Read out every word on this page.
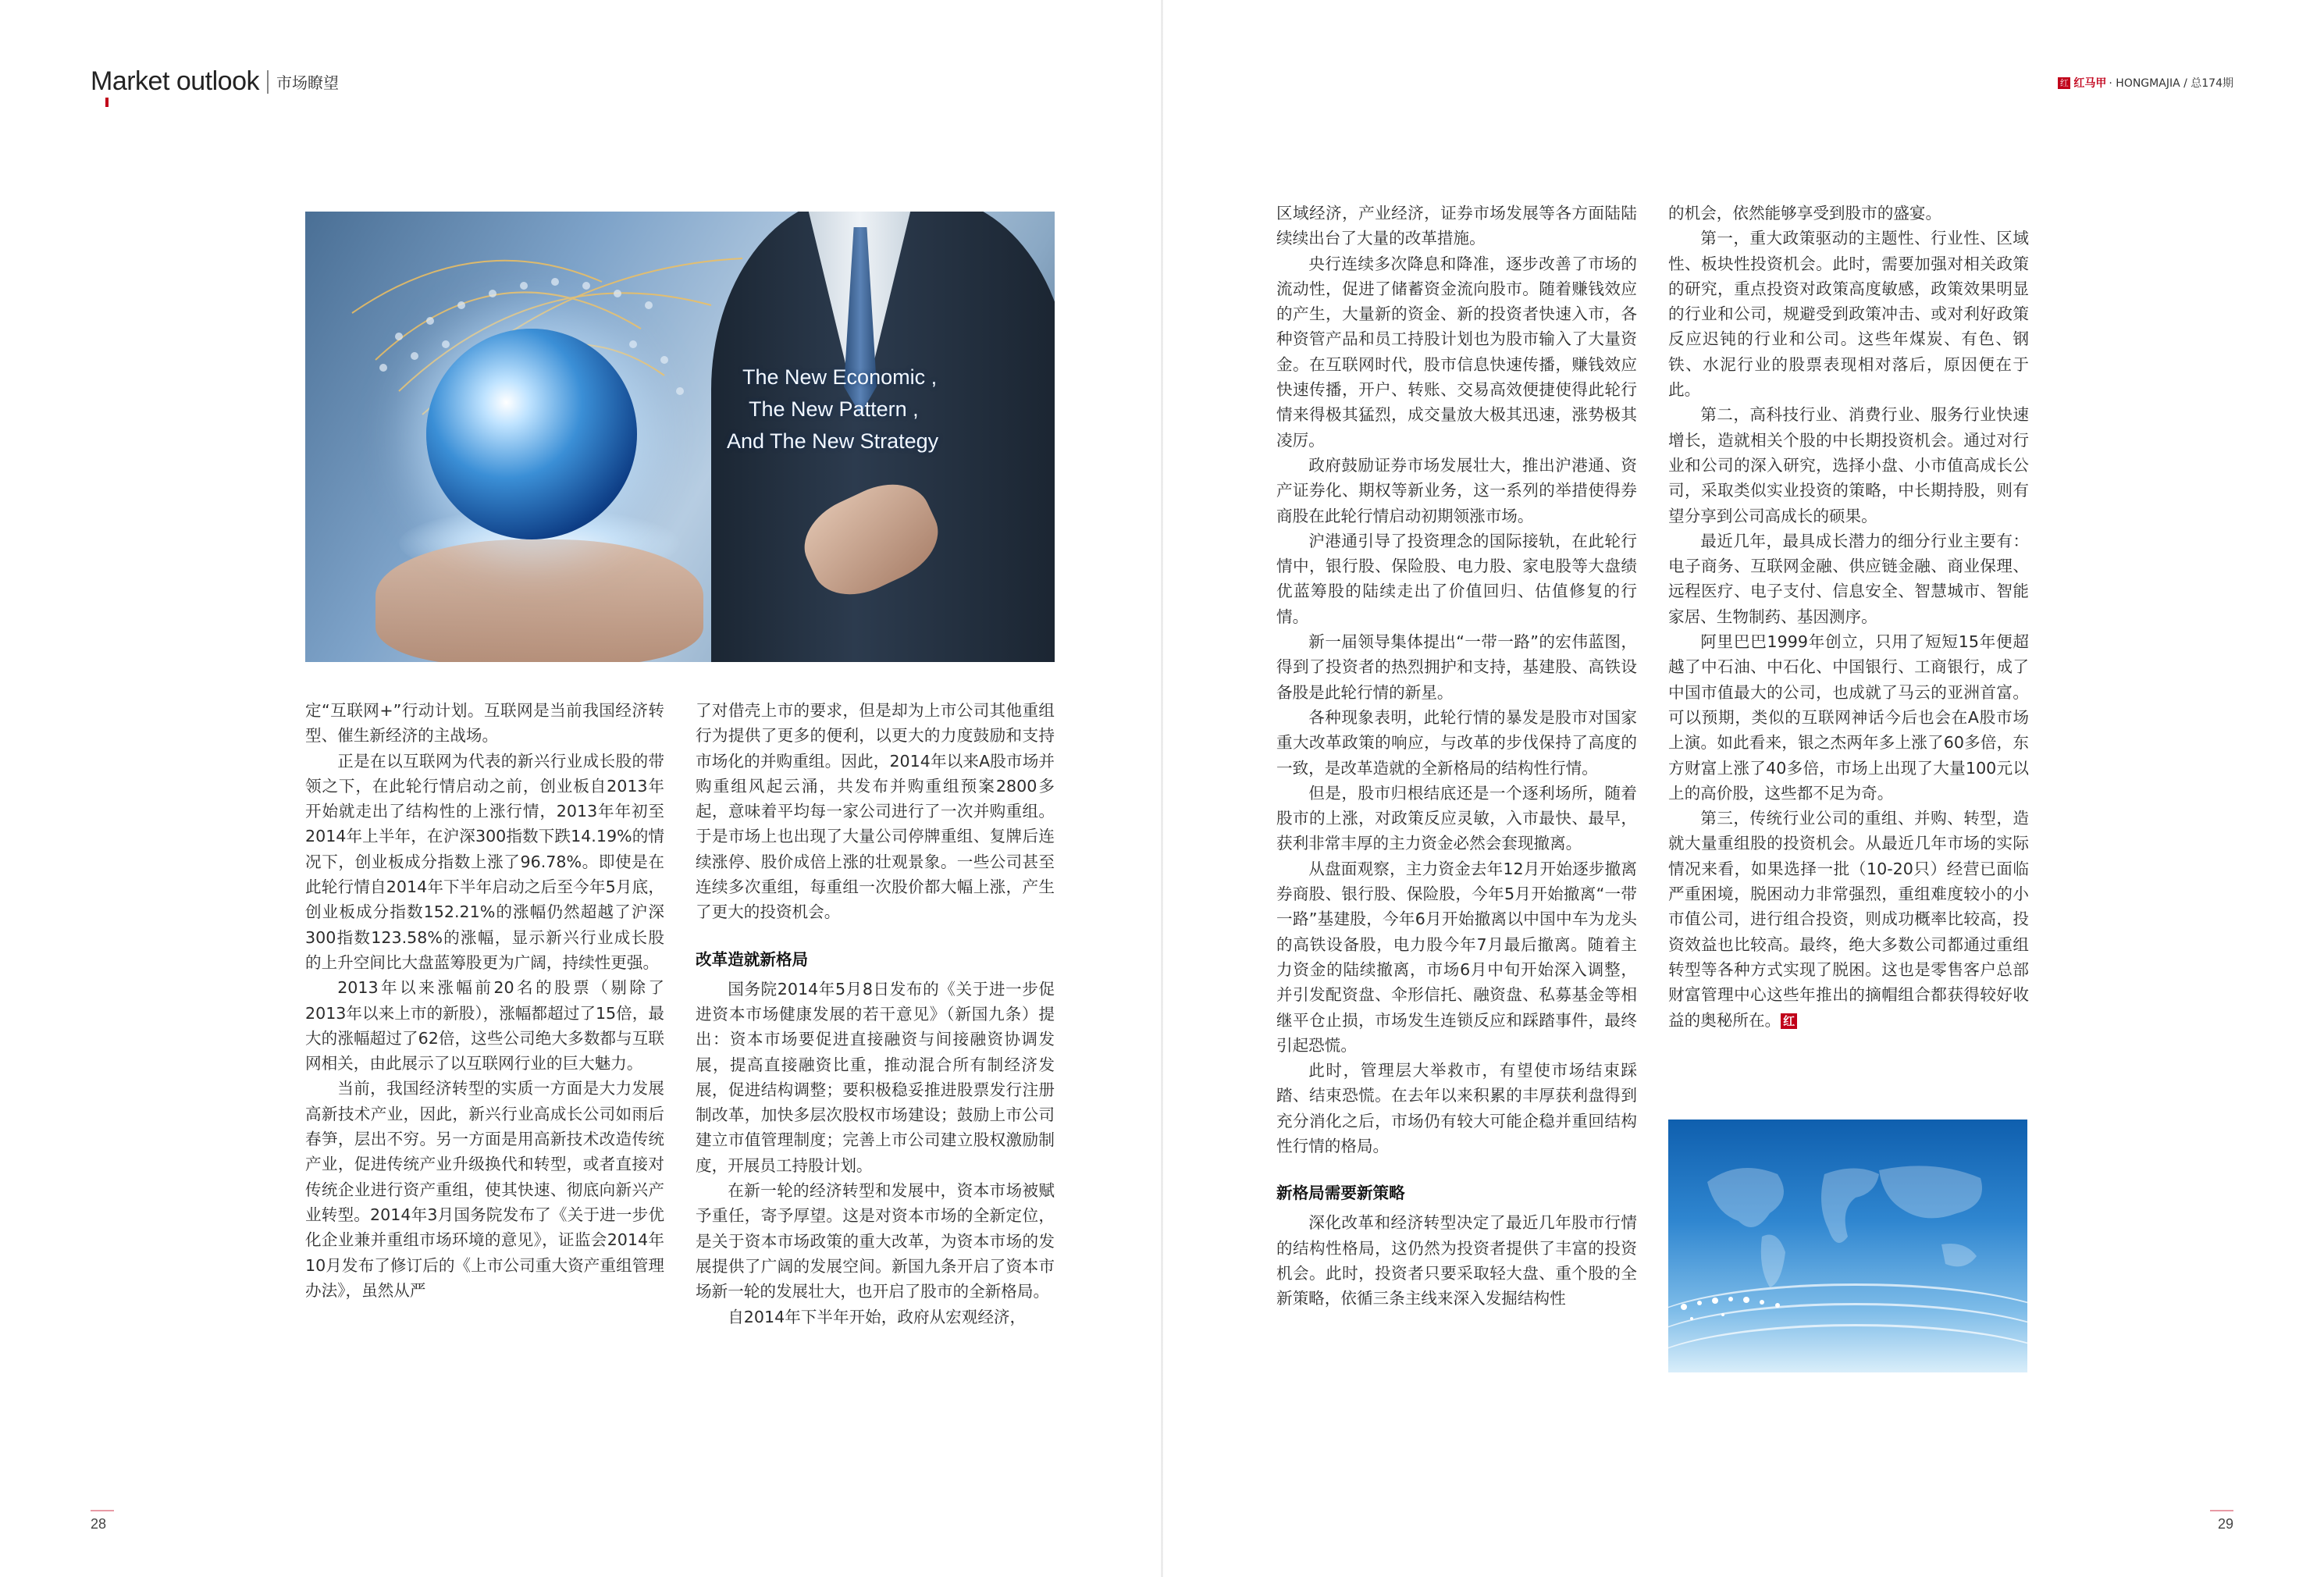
Market outlook 市场瞭望
The New Economic ,
The New Pattern ,
And The New Strategy

定“互联网+”行动计划。互联网是当前我国经济转型、催生新经济的主战场。

正是在以互联网为代表的新兴行业成长股的带领之下，在此轮行情启动之前，创业板自2013年开始就走出了结构性的上涨行情，2013年年初至2014年上半年，在沪深300指数下跌14.19%的情况下，创业板成分指数上涨了96.78%。即使是在此轮行情自2014年下半年启动之后至今年5月底，创业板成分指数152.21%的涨幅仍然超越了沪深300指数123.58%的涨幅，显示新兴行业成长股的上升空间比大盘蓝筹股更为广阔，持续性更强。

2013年以来涨幅前20名的股票（剔除了2013年以来上市的新股），涨幅都超过了15倍，最大的涨幅超过了62倍，这些公司绝大多数都与互联网相关，由此展示了以互联网行业的巨大魅力。

当前，我国经济转型的实质一方面是大力发展高新技术产业，因此，新兴行业高成长公司如雨后春笋，层出不穷。另一方面是用高新技术改造传统产业，促进传统产业升级换代和转型，或者直接对传统企业进行资产重组，使其快速、彻底向新兴产业转型。2014年3月国务院发布了《关于进一步优化企业兼并重组市场环境的意见》，证监会2014年10月发布了修订后的《上市公司重大资产重组管理办法》，虽然从严

了对借壳上市的要求，但是却为上市公司其他重组行为提供了更多的便利，以更大的力度鼓励和支持市场化的并购重组。因此，2014年以来A股市场并购重组风起云涌，共发布并购重组预案2800多起，意味着平均每一家公司进行了一次并购重组。于是市场上也出现了大量公司停牌重组、复牌后连续涨停、股价成倍上涨的壮观景象。一些公司甚至连续多次重组，每重组一次股价都大幅上涨，产生了更大的投资机会。

改革造就新格局

国务院2014年5月8日发布的《关于进一步促进资本市场健康发展的若干意见》（新国九条）提出：资本市场要促进直接融资与间接融资协调发展，提高直接融资比重，推动混合所有制经济发展，促进结构调整；要积极稳妥推进股票发行注册制改革，加快多层次股权市场建设；鼓励上市公司建立市值管理制度；完善上市公司建立股权激励制度，开展员工持股计划。

在新一轮的经济转型和发展中，资本市场被赋予重任，寄予厚望。这是对资本市场的全新定位，是关于资本市场政策的重大改革，为资本市场的发展提供了广阔的发展空间。新国九条开启了资本市场新一轮的发展壮大，也开启了股市的全新格局。

自2014年下半年开始，政府从宏观经济，

28
红 红马甲 · HONGMAJIA / 总174期

区域经济，产业经济，证券市场发展等各方面陆陆续续出台了大量的改革措施。

央行连续多次降息和降准，逐步改善了市场的流动性，促进了储蓄资金流向股市。随着赚钱效应的产生，大量新的资金、新的投资者快速入市，各种资管产品和员工持股计划也为股市输入了大量资金。在互联网时代，股市信息快速传播，赚钱效应快速传播，开户、转账、交易高效便捷使得此轮行情来得极其猛烈，成交量放大极其迅速，涨势极其凌厉。

政府鼓励证券市场发展壮大，推出沪港通、资产证券化、期权等新业务，这一系列的举措使得券商股在此轮行情启动初期领涨市场。

沪港通引导了投资理念的国际接轨，在此轮行情中，银行股、保险股、电力股、家电股等大盘绩优蓝筹股的陆续走出了价值回归、估值修复的行情。

新一届领导集体提出“一带一路”的宏伟蓝图，得到了投资者的热烈拥护和支持，基建股、高铁设备股是此轮行情的新星。

各种现象表明，此轮行情的暴发是股市对国家重大改革政策的响应，与改革的步伐保持了高度的一致，是改革造就的全新格局的结构性行情。

但是，股市归根结底还是一个逐利场所，随着股市的上涨，对政策反应灵敏，入市最快、最早，获利非常丰厚的主力资金必然会套现撤离。

从盘面观察，主力资金去年12月开始逐步撤离券商股、银行股、保险股，今年5月开始撤离“一带一路”基建股，今年6月开始撤离以中国中车为龙头的高铁设备股，电力股今年7月最后撤离。随着主力资金的陆续撤离，市场6月中旬开始深入调整，并引发配资盘、伞形信托、融资盘、私募基金等相继平仓止损，市场发生连锁反应和踩踏事件，最终引起恐慌。

此时，管理层大举救市，有望使市场结束踩踏、结束恐慌。在去年以来积累的丰厚获利盘得到充分消化之后，市场仍有较大可能企稳并重回结构性行情的格局。

新格局需要新策略

深化改革和经济转型决定了最近几年股市行情的结构性格局，这仍然为投资者提供了丰富的投资机会。此时，投资者只要采取轻大盘、重个股的全新策略，依循三条主线来深入发掘结构性

的机会，依然能够享受到股市的盛宴。

第一，重大政策驱动的主题性、行业性、区域性、板块性投资机会。此时，需要加强对相关政策的研究，重点投资对政策高度敏感，政策效果明显的行业和公司，规避受到政策冲击、或对利好政策反应迟钝的行业和公司。这些年煤炭、有色、钢铁、水泥行业的股票表现相对落后，原因便在于此。

第二，高科技行业、消费行业、服务行业快速增长，造就相关个股的中长期投资机会。通过对行业和公司的深入研究，选择小盘、小市值高成长公司，采取类似实业投资的策略，中长期持股，则有望分享到公司高成长的硕果。

最近几年，最具成长潜力的细分行业主要有：电子商务、互联网金融、供应链金融、商业保理、远程医疗、电子支付、信息安全、智慧城市、智能家居、生物制药、基因测序。

阿里巴巴1999年创立，只用了短短15年便超越了中石油、中石化、中国银行、工商银行，成了中国市值最大的公司，也成就了马云的亚洲首富。可以预期，类似的互联网神话今后也会在A股市场上演。如此看来，银之杰两年多上涨了60多倍，东方财富上涨了40多倍，市场上出现了大量100元以上的高价股，这些都不足为奇。

第三，传统行业公司的重组、并购、转型，造就大量重组股的投资机会。从最近几年市场的实际情况来看，如果选择一批（10-20只）经营已面临严重困境，脱困动力非常强烈，重组难度较小的小市值公司，进行组合投资，则成功概率比较高，投资效益也比较高。最终，绝大多数公司都通过重组转型等各种方式实现了脱困。这也是零售客户总部财富管理中心这些年推出的摘帽组合都获得较好收益的奥秘所在。 红

29
